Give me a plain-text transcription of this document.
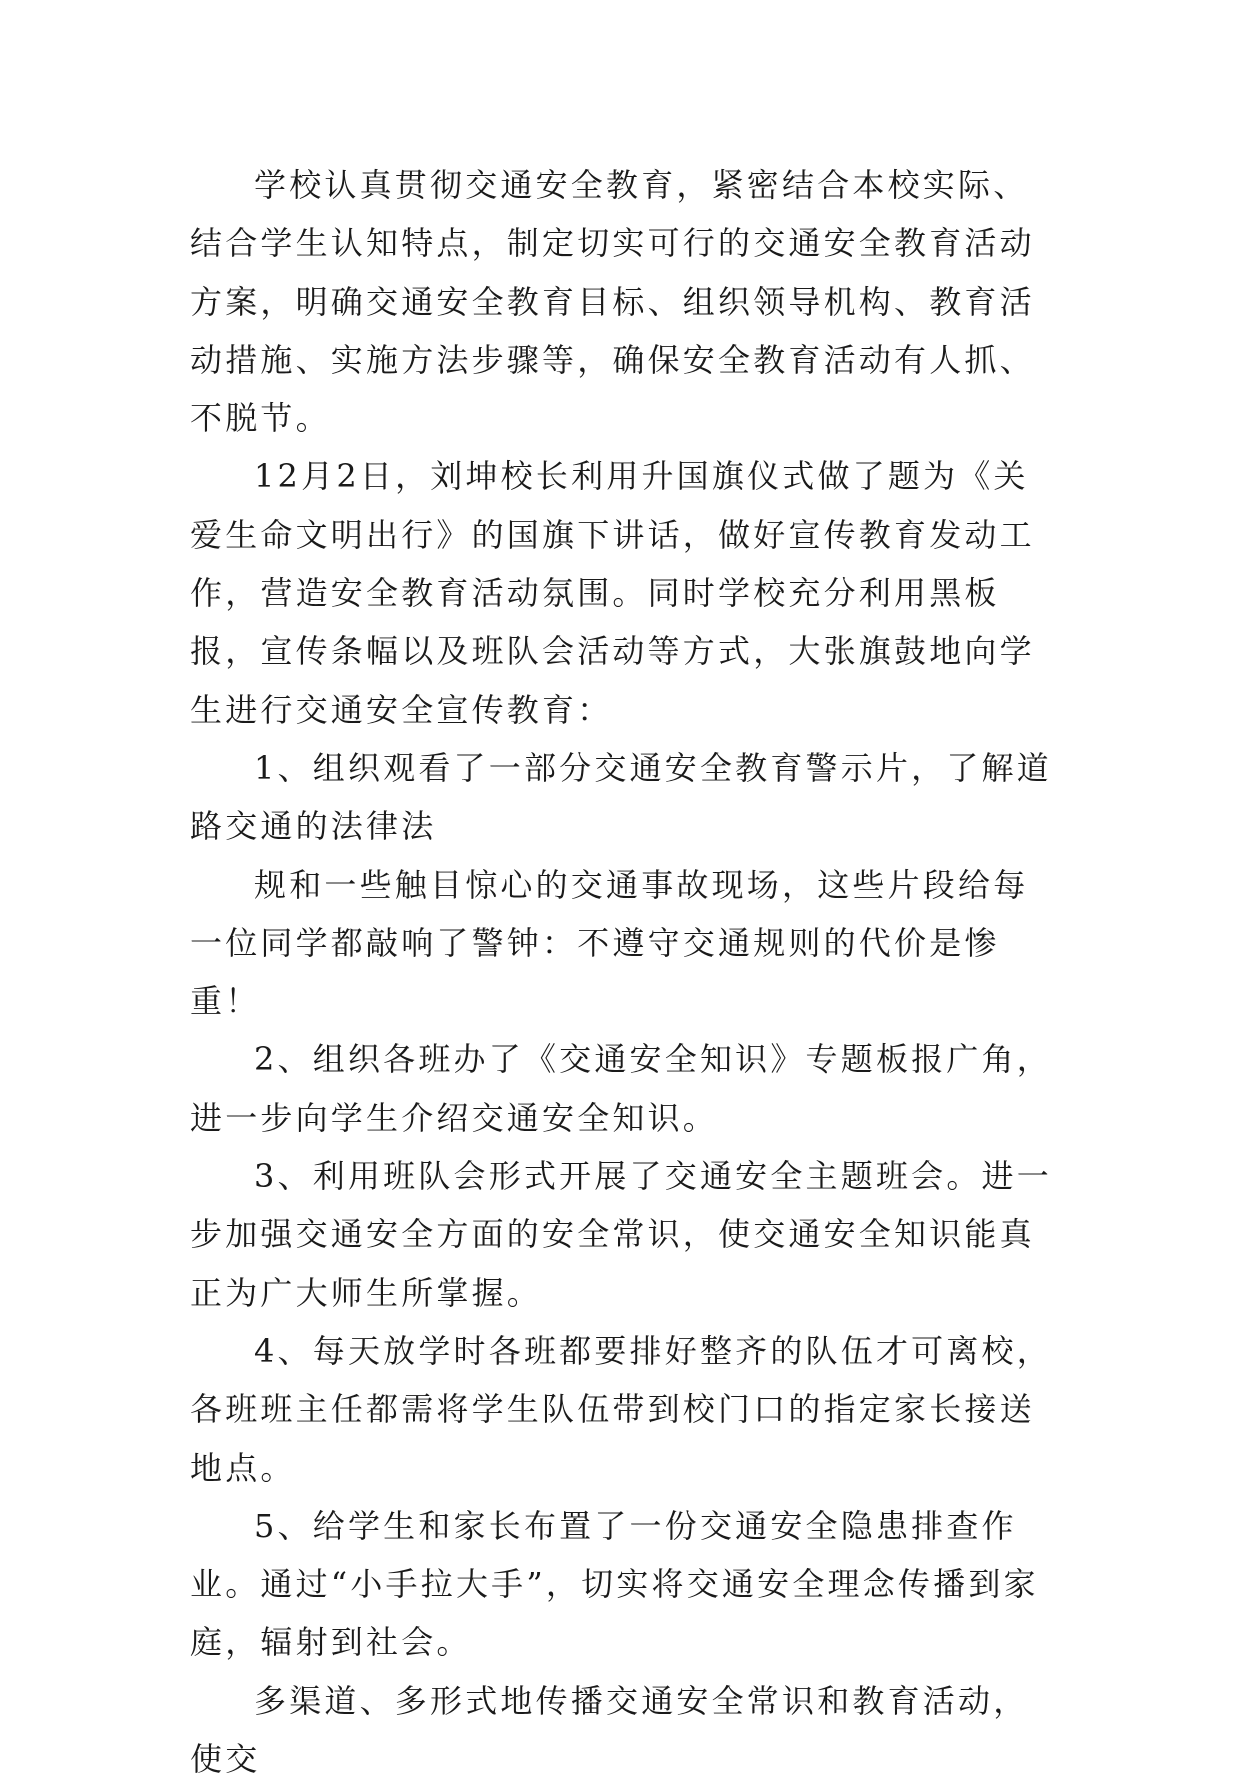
学校认真贯彻交通安全教育，紧密结合本校实际、结合学生认知特点，制定切实可行的交通安全教育活动方案，明确交通安全教育目标、组织领导机构、教育活动措施、实施方法步骤等，确保安全教育活动有人抓、不脱节。

12月2日，刘坤校长利用升国旗仪式做了题为《关爱生命文明出行》的国旗下讲话，做好宣传教育发动工作，营造安全教育活动氛围。同时学校充分利用黑板报，宣传条幅以及班队会活动等方式，大张旗鼓地向学生进行交通安全宣传教育：

1、组织观看了一部分交通安全教育警示片，了解道路交通的法律法

规和一些触目惊心的交通事故现场，这些片段给每一位同学都敲响了警钟：不遵守交通规则的代价是惨重！

2、组织各班办了《交通安全知识》专题板报广角，进一步向学生介绍交通安全知识。

3、利用班队会形式开展了交通安全主题班会。进一步加强交通安全方面的安全常识，使交通安全知识能真正为广大师生所掌握。

4、每天放学时各班都要排好整齐的队伍才可离校，各班班主任都需将学生队伍带到校门口的指定家长接送地点。

5、给学生和家长布置了一份交通安全隐患排查作业。通过“小手拉大手”，切实将交通安全理念传播到家庭，辐射到社会。

多渠道、多形式地传播交通安全常识和教育活动，使交
